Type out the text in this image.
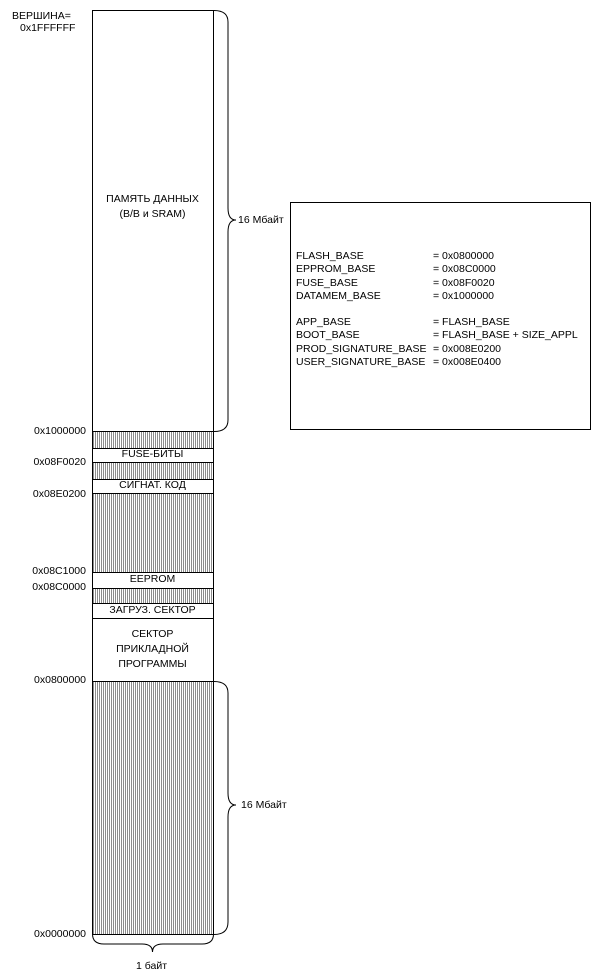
ВЕРШИНА=
0x1FFFFFF
ПАМЯТЬ ДАННЫХ
(В/В и SRAM)
FUSE-БИТЫ
СИГНАТ. КОД
EEPROM
ЗАГРУЗ. СЕКТОР
СЕКТОР
ПРИКЛАДНОЙ
ПРОГРАММЫ
0x1000000
0x08F0020
0x08E0200
0x08C1000
0x08C0000
0x0800000
0x0000000
16 Мбайт
16 Мбайт
1 байт
FLASH_BASE	= 0x0800000
EPPROM_BASE	= 0x08C0000
FUSE_BASE	= 0x08F0020
DATAMEM_BASE	= 0x1000000
APP_BASE	= FLASH_BASE
BOOT_BASE	= FLASH_BASE + SIZE_APPL
PROD_SIGNATURE_BASE = 0x008E0200
USER_SIGNATURE_BASE = 0x008E0400
